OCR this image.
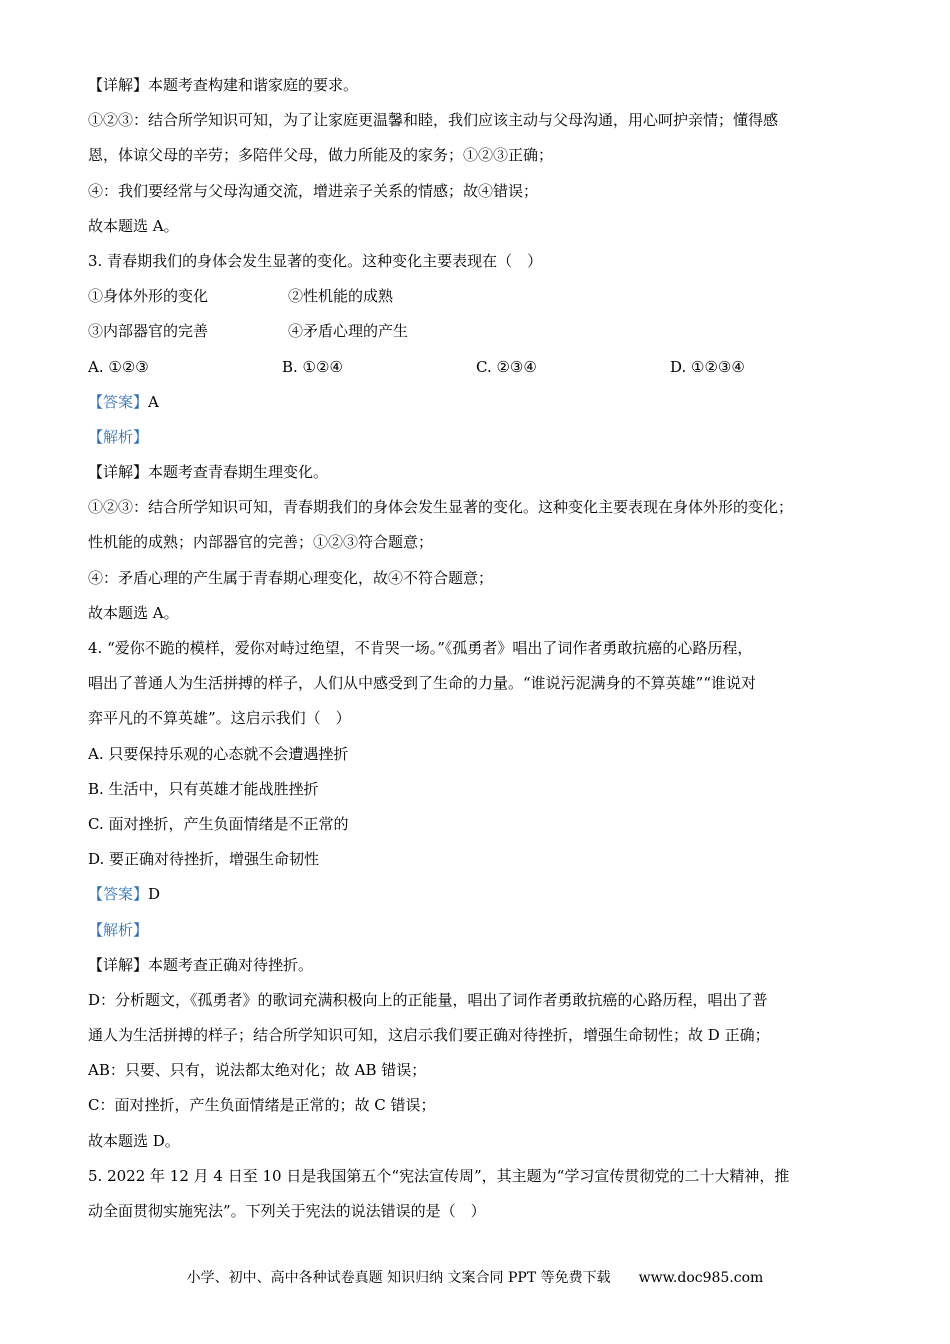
【详解】本题考查构建和谐家庭的要求。
①②③：结合所学知识可知，为了让家庭更温馨和睦，我们应该主动与父母沟通，用心呵护亲情；懂得感
恩，体谅父母的辛劳；多陪伴父母，做力所能及的家务；①②③正确；
④：我们要经常与父母沟通交流，增进亲子关系的情感；故④错误；
故本题选 A。
3. 青春期我们的身体会发生显著的变化。这种变化主要表现在（　）
①身体外形的变化	②性机能的成熟
③内部器官的完善	④矛盾心理的产生
A. ①②③	B. ①②④	C. ②③④	D. ①②③④
【答案】A
【解析】
【详解】本题考查青春期生理变化。
①②③：结合所学知识可知，青春期我们的身体会发生显著的变化。这种变化主要表现在身体外形的变化；
性机能的成熟；内部器官的完善；①②③符合题意；
④：矛盾心理的产生属于青春期心理变化，故④不符合题意；
故本题选 A。
4. “爱你不跪的模样，爱你对峙过绝望，不肯哭一场。”《孤勇者》唱出了词作者勇敢抗癌的心路历程，
唱出了普通人为生活拼搏的样子，人们从中感受到了生命的力量。“谁说污泥满身的不算英雄”“谁说对
弈平凡的不算英雄”。这启示我们（　）
A. 只要保持乐观的心态就不会遭遇挫折
B. 生活中，只有英雄才能战胜挫折
C. 面对挫折，产生负面情绪是不正常的
D. 要正确对待挫折，增强生命韧性
【答案】D
【解析】
【详解】本题考查正确对待挫折。
D：分析题文，《孤勇者》的歌词充满积极向上的正能量，唱出了词作者勇敢抗癌的心路历程，唱出了普
通人为生活拼搏的样子；结合所学知识可知，这启示我们要正确对待挫折，增强生命韧性；故 D 正确；
AB：只要、只有，说法都太绝对化；故 AB 错误；
C：面对挫折，产生负面情绪是正常的；故 C 错误；
故本题选 D。
5. 2022 年 12 月 4 日至 10 日是我国第五个“宪法宣传周”，其主题为“学习宣传贯彻党的二十大精神，推
动全面贯彻实施宪法”。下列关于宪法的说法错误的是（　）
小学、初中、高中各种试卷真题 知识归纳 文案合同 PPT 等免费下载 www.doc985.com
